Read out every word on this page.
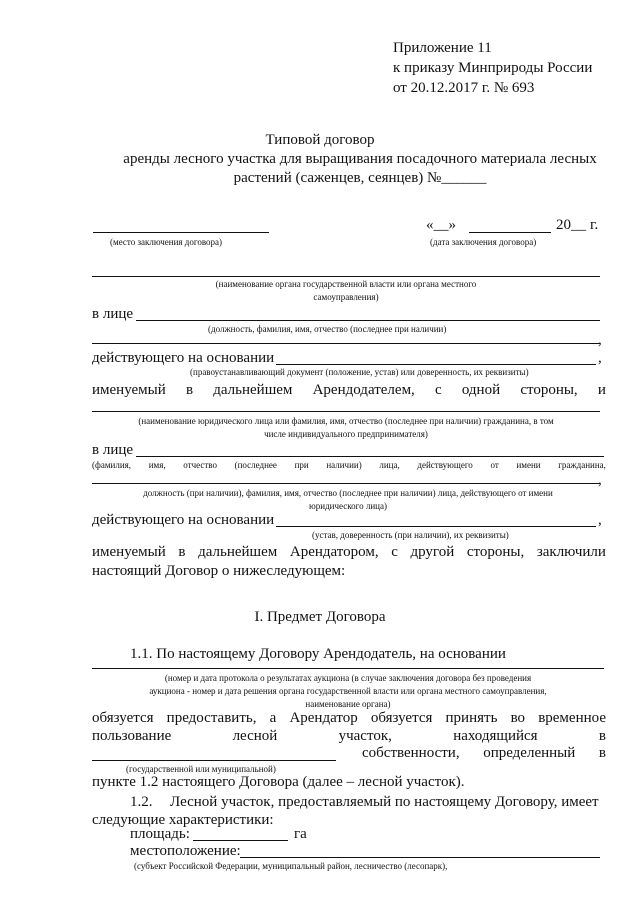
Приложение 11
к приказу Минприроды России
от 20.12.2017 г. № 693
Типовой договор
аренды лесного участка для выращивания посадочного материала лесных
растений (саженцев, сеянцев) №______
«__»	20__ г.
(место заключения договора)	(дата заключения договора)
(наименование органа государственной власти или органа местного
самоуправления)
в лице
(должность, фамилия, имя, отчество (последнее при наличии)
,
действующего на основании	,
(правоустанавливающий документ (положение, устав) или доверенность, их реквизиты)
именуемый в дальнейшем Арендодателем, с одной стороны, и
(наименование юридического лица или фамилия, имя, отчество (последнее при наличии) гражданина, в том
числе индивидуального предпринимателя)
в лице
(фамилия, имя, отчество (последнее при наличии) лица, действующего от имени гражданина,
,
должность (при наличии), фамилия, имя, отчество (последнее при наличии) лица, действующего от имени
юридического лица)
действующего на основании	,
(устав, доверенность (при наличии), их реквизиты)
именуемый в дальнейшем Арендатором, с другой стороны, заключили
настоящий Договор о нижеследующем:
I. Предмет Договора
1.1. По настоящему Договору Арендодатель, на основании
(номер и дата протокола о результатах аукциона (в случае заключения договора без проведения
аукциона - номер и дата решения органа государственной власти или органа местного самоуправления,
наименование органа)
обязуется предоставить, а Арендатор обязуется принять во временное
пользование	лесной	участок,	находящийся	в
собственности, определенный в
(государственной или муниципальной)
пункте 1.2 настоящего Договора (далее – лесной участок).
1.2. Лесной участок, предоставляемый по настоящему Договору, имеет
следующие характеристики:
площадь:	га
местоположение:
(субъект Российской Федерации, муниципальный район, лесничество (лесопарк),
